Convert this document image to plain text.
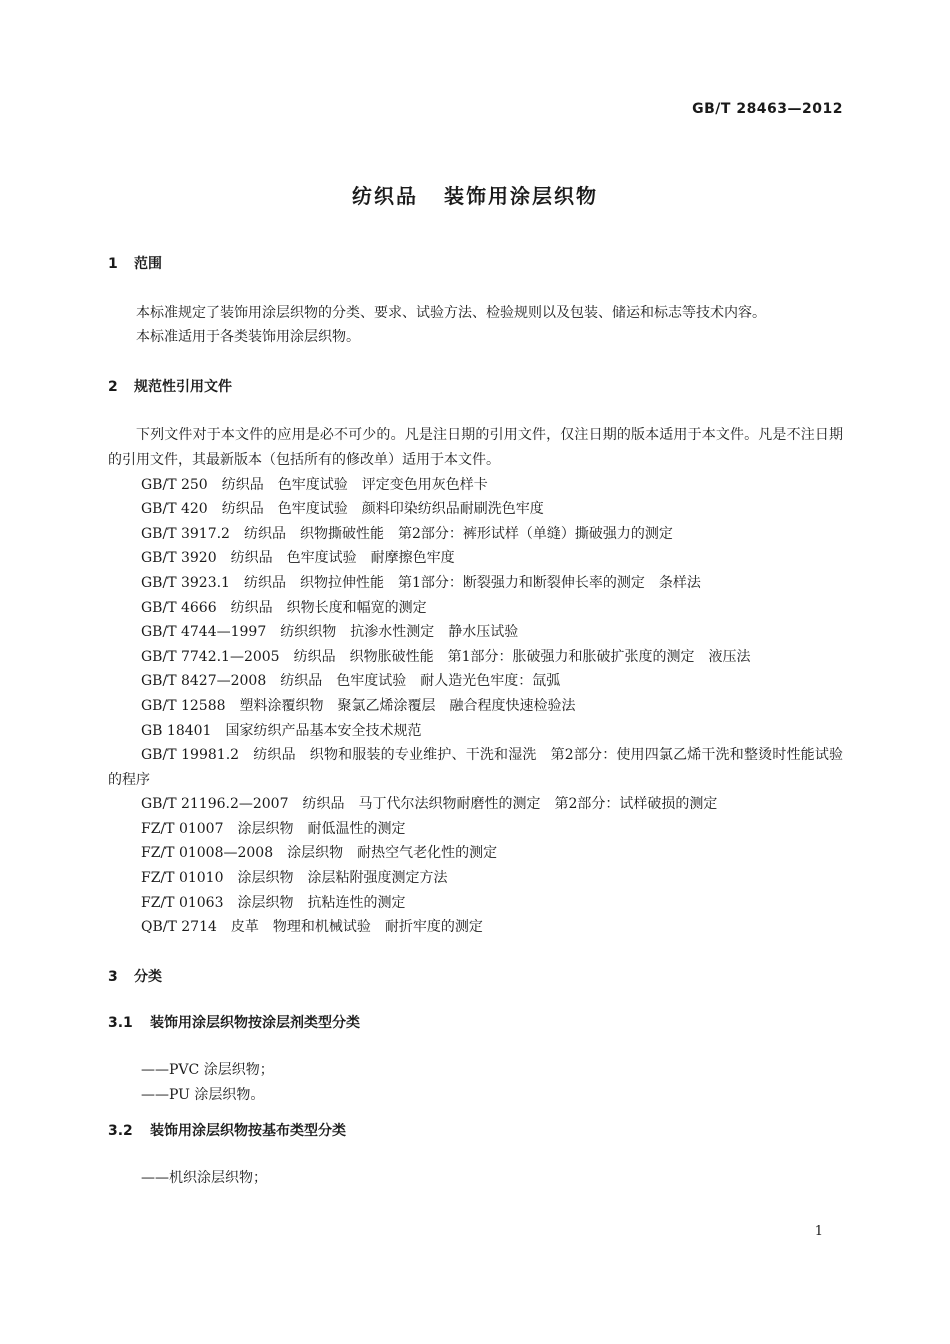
GB/T 28463—2012
纺织品 装饰用涂层织物
1 范围

本标准规定了装饰用涂层织物的分类、要求、试验方法、检验规则以及包装、储运和标志等技术内容。

本标准适用于各类装饰用涂层织物。

2 规范性引用文件

下列文件对于本文件的应用是必不可少的。凡是注日期的引用文件，仅注日期的版本适用于本文件。凡是不注日期的引用文件，其最新版本（包括所有的修改单）适用于本文件。

GB/T 250 纺织品 色牢度试验 评定变色用灰色样卡

GB/T 420 纺织品 色牢度试验 颜料印染纺织品耐刷洗色牢度

GB/T 3917.2 纺织品 织物撕破性能 第2部分：裤形试样（单缝）撕破强力的测定

GB/T 3920 纺织品 色牢度试验 耐摩擦色牢度

GB/T 3923.1 纺织品 织物拉伸性能 第1部分：断裂强力和断裂伸长率的测定 条样法

GB/T 4666 纺织品 织物长度和幅宽的测定

GB/T 4744—1997 纺织织物 抗渗水性测定 静水压试验

GB/T 7742.1—2005 纺织品 织物胀破性能 第1部分：胀破强力和胀破扩张度的测定 液压法

GB/T 8427—2008 纺织品 色牢度试验 耐人造光色牢度：氙弧

GB/T 12588 塑料涂覆织物 聚氯乙烯涂覆层 融合程度快速检验法

GB 18401 国家纺织产品基本安全技术规范

GB/T 19981.2 纺织品 织物和服装的专业维护、干洗和湿洗 第2部分：使用四氯乙烯干洗和整烫时性能试验的程序

GB/T 21196.2—2007 纺织品 马丁代尔法织物耐磨性的测定 第2部分：试样破损的测定

FZ/T 01007 涂层织物 耐低温性的测定

FZ/T 01008—2008 涂层织物 耐热空气老化性的测定

FZ/T 01010 涂层织物 涂层粘附强度测定方法

FZ/T 01063 涂层织物 抗粘连性的测定

QB/T 2714 皮革 物理和机械试验 耐折牢度的测定

3 分类
3.1 装饰用涂层织物按涂层剂类型分类

——PVC 涂层织物；

——PU 涂层织物。

3.2 装饰用涂层织物按基布类型分类

——机织涂层织物；

1
